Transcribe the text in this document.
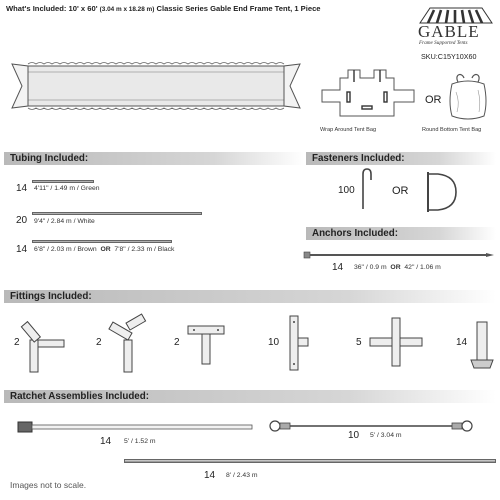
What's Included: 10' x 60' (3.04 m x 18.28 m) Classic Series Gable End Frame Tent, 1 Piece
GABLE
Frame Supported Tents
SKU:C15Y10X60
Wrap Around Tent Bag
OR
Round Bottom Tent Bag
Tubing Included:
14 4'11" / 1.49 m / Green
20 9'4" / 2.84 m / White
14 6'8" / 2.03 m / Brown OR 7'8" / 2.33 m / Black
Fasteners Included:
100	OR
Anchors Included:
14 36" / 0.9 m OR 42" / 1.06 m
Fittings Included:
2	2	2	10	5	14
Ratchet Assemblies Included:
14 5' / 1.52 m
10 5' / 3.04 m
14 8' / 2.43 m
Images not to scale.
